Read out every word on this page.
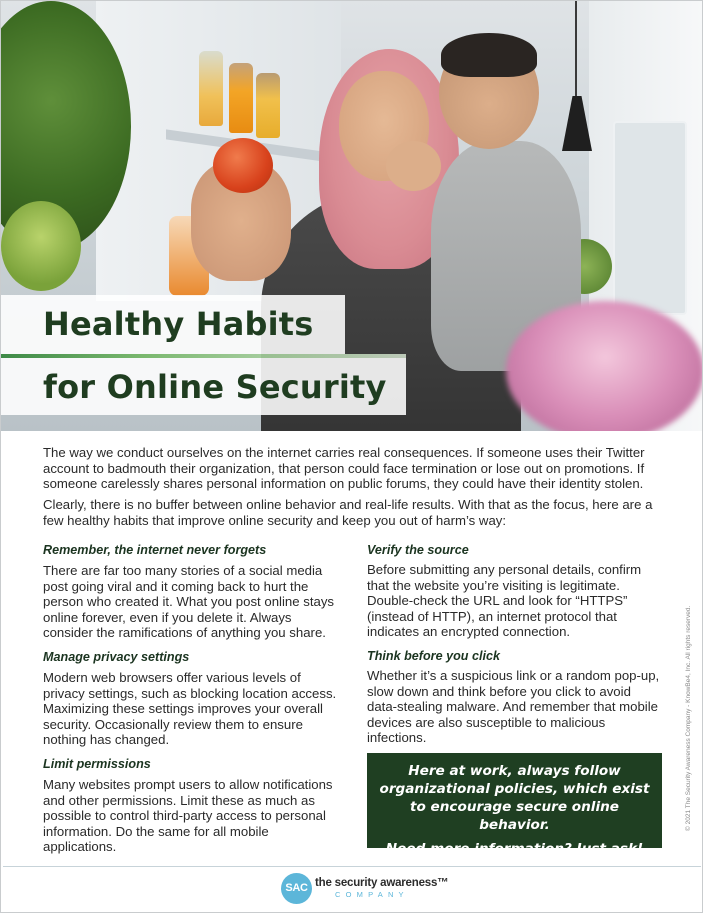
Healthy Habits
for Online Security

The way we conduct ourselves on the internet carries real consequences. If someone uses their Twitter account to badmouth their organization, that person could face termination or lose out on promotions. If someone carelessly shares personal information on public forums, they could have their identity stolen.

Clearly, there is no buffer between online behavior and real-life results. With that as the focus, here are a few healthy habits that improve online security and keep you out of harm’s way:

Remember, the internet never forgets

There are far too many stories of a social media post going viral and it coming back to hurt the person who created it. What you post online stays online forever, even if you delete it. Always consider the ramifications of anything you share.

Manage privacy settings

Modern web browsers offer various levels of privacy settings, such as blocking location access. Maximizing these settings improves your overall security. Occasionally review them to ensure nothing has changed.

Limit permissions

Many websites prompt users to allow notifications and other permissions. Limit these as much as possible to control third-party access to personal information. Do the same for all mobile applications.

Verify the source

Before submitting any personal details, confirm that the website you’re visiting is legitimate. Double-check the URL and look for “HTTPS” (instead of HTTP), an internet protocol that indicates an encrypted connection.

Think before you click

Whether it’s a suspicious link or a random pop-up, slow down and think before you click to avoid data-stealing malware. And remember that mobile devices are also susceptible to malicious infections.

Here at work, always follow organizational policies, which exist to encourage secure online behavior.

Need more information? Just ask!

© 2021 The Security Awareness Company - KnowBe4, Inc. All rights reserved.
SAC the security awareness™
COMPANY
